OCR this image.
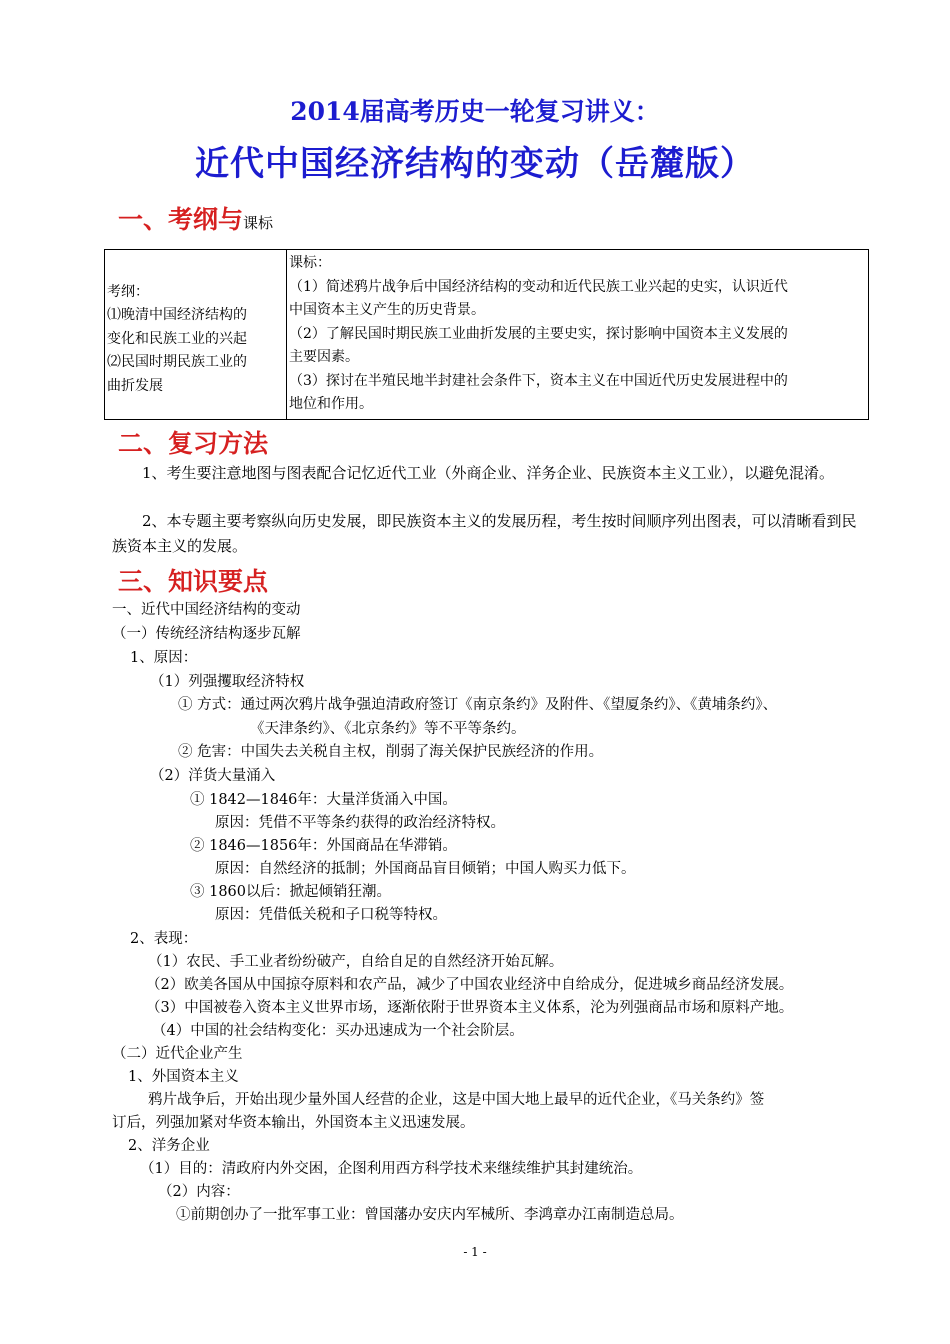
2014届高考历史一轮复习讲义：
近代中国经济结构的变动（岳麓版）
一、考纲与课标
考纲：
⑴晚清中国经济结构的
变化和民族工业的兴起
⑵民国时期民族工业的
曲折发展

课标：
（1）简述鸦片战争后中国经济结构的变动和近代民族工业兴起的史实，认识近代
中国资本主义产生的历史背景。
（2）了解民国时期民族工业曲折发展的主要史实，探讨影响中国资本主义发展的
主要因素。
（3）探讨在半殖民地半封建社会条件下，资本主义在中国近代历史发展进程中的
地位和作用。
二、复习方法
1、考生要注意地图与图表配合记忆近代工业（外商企业、洋务企业、民族资本主义工业），以避免混淆。
2、本专题主要考察纵向历史发展，即民族资本主义的发展历程，考生按时间顺序列出图表，可以清晰看到民族资本主义的发展。
三、知识要点
一、近代中国经济结构的变动
（一）传统经济结构逐步瓦解
1、原因：
（1）列强攫取经济特权
① 方式：通过两次鸦片战争强迫清政府签订《南京条约》及附件、《望厦条约》、《黄埔条约》、
《天津条约》、《北京条约》等不平等条约。
② 危害：中国失去关税自主权，削弱了海关保护民族经济的作用。
（2）洋货大量涌入
① 1842—1846年：大量洋货涌入中国。
原因：凭借不平等条约获得的政治经济特权。
② 1846—1856年：外国商品在华滞销。
原因：自然经济的抵制；外国商品盲目倾销；中国人购买力低下。
③ 1860以后：掀起倾销狂潮。
原因：凭借低关税和子口税等特权。
2、表现：
（1）农民、手工业者纷纷破产，自给自足的自然经济开始瓦解。
（2）欧美各国从中国掠夺原料和农产品，减少了中国农业经济中自给成分，促进城乡商品经济发展。
（3）中国被卷入资本主义世界市场，逐渐依附于世界资本主义体系，沦为列强商品市场和原料产地。
（4）中国的社会结构变化：买办迅速成为一个社会阶层。
（二）近代企业产生
1、外国资本主义
鸦片战争后，开始出现少量外国人经营的企业，这是中国大地上最早的近代企业，《马关条约》签
订后，列强加紧对华资本输出，外国资本主义迅速发展。
2、洋务企业
（1）目的：清政府内外交困，企图利用西方科学技术来继续维护其封建统治。
（2）内容：
①前期创办了一批军事工业：曾国藩办安庆内军械所、李鸿章办江南制造总局。
- 1 -
